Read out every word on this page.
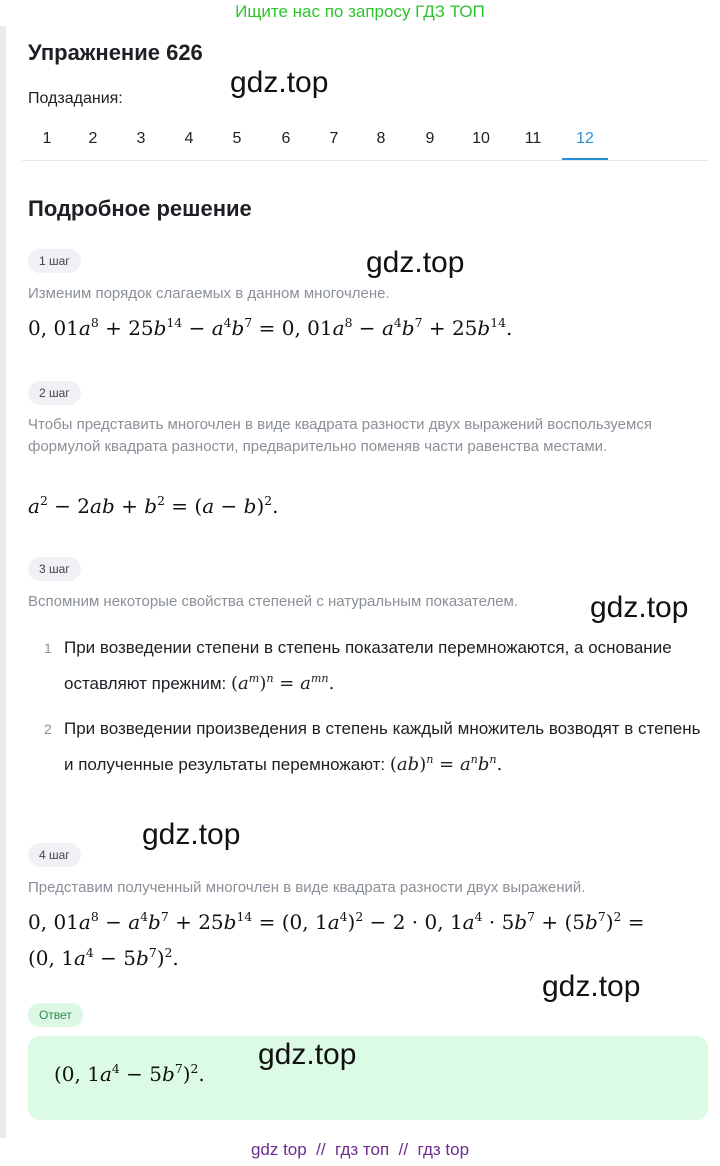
Ищите нас по запросу ГДЗ ТОП
Упражнение 626
Подзадания:
1	2	3	4	5	6	7	8	9	10	11	12
Подробное решение
1 шаг
Изменим порядок слагаемых в данном многочлене.
0, $01a^8 + 25b^{14} - a^4b^7 = 0$, $01a^8 - a^4b^7 + 25b^{14}$.
2 шаг
Чтобы представить многочлен в виде квадрата разности двух выражений воспользуемся формулой квадрата разности, предварительно поменяв части равенства местами.
$a^2 - 2ab + b^2 = (a - b)^2$.
3 шаг
Вспомним некоторые свойства степеней с натуральным показателем.
1 При возведении степени в степень показатели перемножаются, а основание оставляют прежним: $(a^m)^n = a^{mn}$.
2 При возведении произведения в степень каждый множитель возводят в степень и полученные результаты перемножают: $(ab)^n = a^nb^n$.
4 шаг
Представим полученный многочлен в виде квадрата разности двух выражений.
0, $01a^8 - a^4b^7 + 25b^{14} = (0$, $1a^4)^2 - 2 \cdot 0$, $1a^4 \cdot 5b^7 + (5b^7)^2$ =
(0, $1a^4 - 5b^7)^2$.
Ответ
(0, $1a^4 - 5b^7)^2$.
gdz.top
gdz.top
gdz.top
gdz.top
gdz.top
gdz.top
gdz top  //  гдз топ  //  гдз top
